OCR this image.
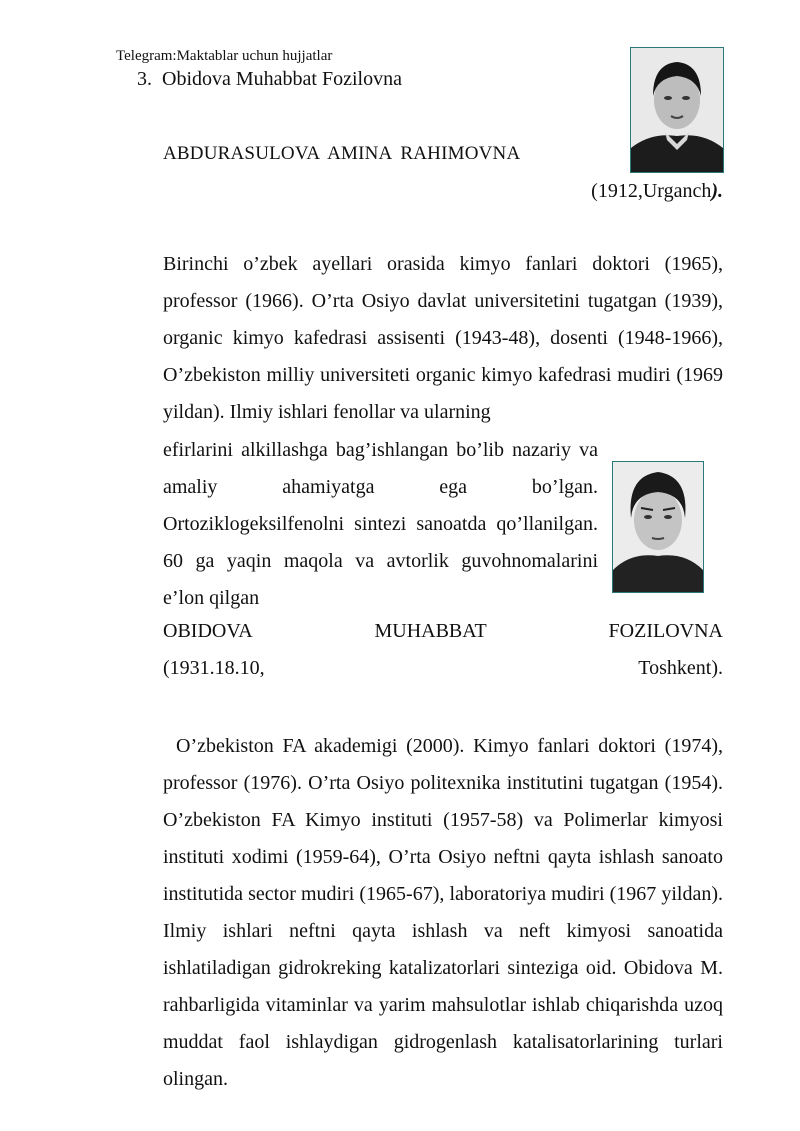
Telegram:Maktablar uchun hujjatlar
3. Obidova Muhabbat Fozilovna
ABDURASULOVA AMINA RAHIMOVNA
(1912,Urganch).
Birinchi o’zbek ayellari orasida kimyo fanlari doktori (1965), professor (1966). O’rta Osiyo davlat universitetini tugatgan (1939), organic kimyo kafedrasi assisenti (1943-48), dosenti (1948-1966), O’zbekiston milliy universiteti organic kimyo kafedrasi mudiri (1969 yildan). Ilmiy ishlari fenollar va ularning
efirlarini alkillashga bag’ishlangan bo’lib nazariy va amaliy ahamiyatga ega bo’lgan. Ortoziklogeksilfenolni sintezi sanoatda qo’llanilgan. 60 ga yaqin maqola va avtorlik guvohnomalarini e’lon qilgan
OBIDOVA	MUHABBAT	FOZILOVNA
(1931.18.10,	Toshkent).
O’zbekiston FA akademigi (2000). Kimyo fanlari doktori (1974), professor (1976). O’rta Osiyo politexnika institutini tugatgan (1954). O’zbekiston FA Kimyo instituti (1957-58) va Polimerlar kimyosi instituti xodimi (1959-64), O’rta Osiyo neftni qayta ishlash sanoato institutida sector mudiri (1965-67), laboratoriya mudiri (1967 yildan). Ilmiy ishlari neftni qayta ishlash va neft kimyosi sanoatida ishlatiladigan gidrokreking katalizatorlari sinteziga oid. Obidova M. rahbarligida vitaminlar va yarim mahsulotlar ishlab chiqarishda uzoq muddat faol ishlaydigan gidrogenlash katalisatorlarining turlari olingan.
